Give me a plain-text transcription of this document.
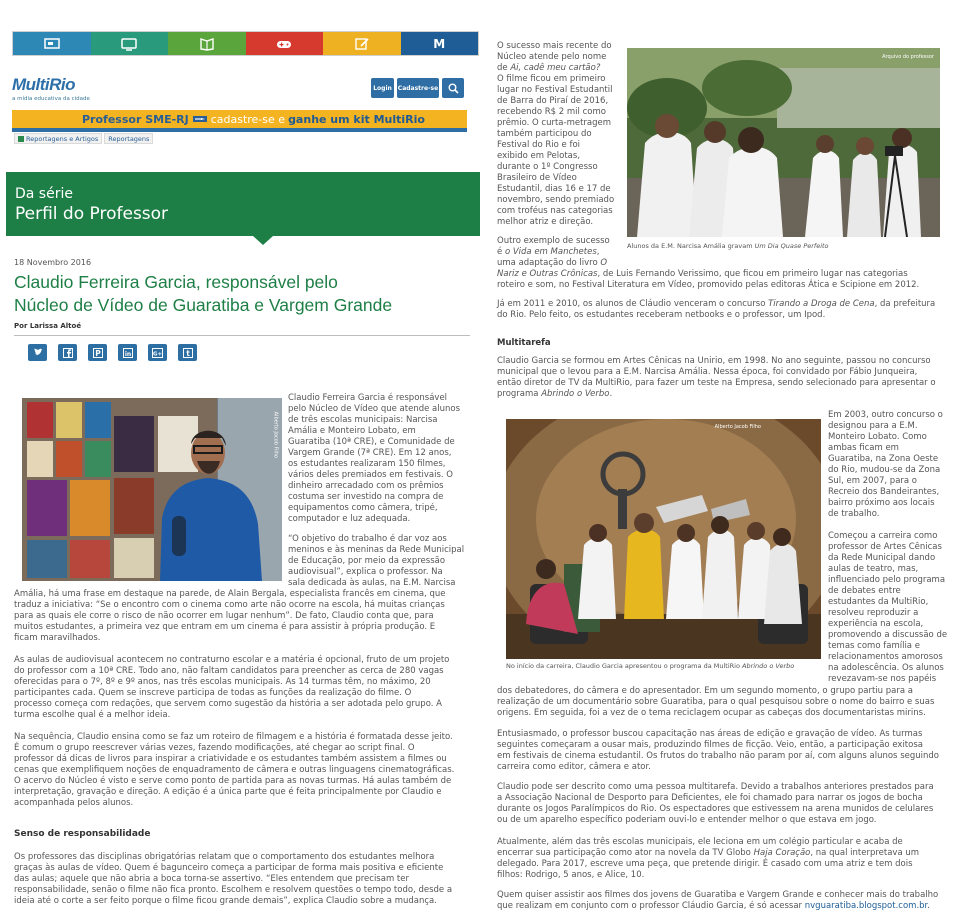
M
MultiRio
a mídia educativa da cidade
Login	Cadastre-se
Professor SME-RJ cadastre-se e ganhe um kit MultiRio
Reportagens e Artigos Reportagens
Da série
Perfil do Professor
18 Novembro 2016
Claudio Ferreira Garcia, responsável pelo
Núcleo de Vídeo de Guaratiba e Vargem Grande
Por Larissa Altoé
P	in	G+	t
Alberto Jacob Filho
Claudio Ferreira Garcia é responsável
pelo Núcleo de Vídeo que atende alunos
de três escolas municipais: Narcisa
Amália e Monteiro Lobato, em
Guaratiba (10ª CRE), e Comunidade de
Vargem Grande (7ª CRE). Em 12 anos,
os estudantes realizaram 150 filmes,
vários deles premiados em festivais. O
dinheiro arrecadado com os prêmios
costuma ser investido na compra de
equipamentos como câmera, tripé,
computador e luz adequada.
“O objetivo do trabalho é dar voz aos
meninos e às meninas da Rede Municipal
de Educação, por meio da expressão
audiovisual”, explica o professor. Na
sala dedicada às aulas, na E.M. Narcisa
Amália, há uma frase em destaque na parede, de Alain Bergala, especialista francês em cinema, que
traduz a iniciativa: “Se o encontro com o cinema como arte não ocorre na escola, há muitas crianças
para as quais ele corre o risco de não ocorrer em lugar nenhum”. De fato, Claudio conta que, para
muitos estudantes, a primeira vez que entram em um cinema é para assistir à própria produção. E
ficam maravilhados.
As aulas de audiovisual acontecem no contraturno escolar e a matéria é opcional, fruto de um projeto
do professor com a 10ª CRE. Todo ano, não faltam candidatos para preencher as cerca de 280 vagas
oferecidas para o 7º, 8º e 9º anos, nas três escolas municipais. As 14 turmas têm, no máximo, 20
participantes cada. Quem se inscreve participa de todas as funções da realização do filme. O
processo começa com redações, que servem como sugestão da história a ser adotada pelo grupo. A
turma escolhe qual é a melhor ideia.
Na sequência, Claudio ensina como se faz um roteiro de filmagem e a história é formatada desse jeito.
É comum o grupo reescrever várias vezes, fazendo modificações, até chegar ao script final. O
professor dá dicas de livros para inspirar a criatividade e os estudantes também assistem a filmes ou
cenas que exemplifiquem noções de enquadramento de câmera e outras linguagens cinematográficas.
O acervo do Núcleo é visto e serve como ponto de partida para as novas turmas. Há aulas também de
interpretação, gravação e direção. A edição é a única parte que é feita principalmente por Claudio e
acompanhada pelos alunos.
Senso de responsabilidade
Os professores das disciplinas obrigatórias relatam que o comportamento dos estudantes melhora
graças às aulas de vídeo. Quem é bagunceiro começa a participar de forma mais positiva e eficiente
das aulas; aquele que não abria a boca torna-se assertivo. “Eles entendem que precisam ter
responsabilidade, senão o filme não fica pronto. Escolhem e resolvem questões o tempo todo, desde a
ideia até o corte a ser feito porque o filme ficou grande demais”, explica Claudio sobre a mudança.
Arquivo do professor
Alunos da E.M. Narcisa Amália gravam Um Dia Quase Perfeito
O sucesso mais recente do
Núcleo atende pelo nome
de Ai, cadê meu cartão?
O filme ficou em primeiro
lugar no Festival Estudantil
de Barra do Piraí de 2016,
recebendo R$ 2 mil como
prêmio. O curta-metragem
também participou do
Festival do Rio e foi
exibido em Pelotas,
durante o 1º Congresso
Brasileiro de Vídeo
Estudantil, dias 16 e 17 de
novembro, sendo premiado
com troféus nas categorias
melhor atriz e direção.
Outro exemplo de sucesso
é o Vida em Manchetes,
uma adaptação do livro O
Nariz e Outras Crônicas, de Luis Fernando Verissimo, que ficou em primeiro lugar nas categorias
roteiro e som, no Festival Literatura em Vídeo, promovido pelas editoras Ática e Scipione em 2012.
Já em 2011 e 2010, os alunos de Cláudio venceram o concurso Tirando a Droga de Cena, da prefeitura
do Rio. Pelo feito, os estudantes receberam netbooks e o professor, um Ipod.
Multitarefa
Claudio Garcia se formou em Artes Cênicas na Unirio, em 1998. No ano seguinte, passou no concurso
municipal que o levou para a E.M. Narcisa Amália. Nessa época, foi convidado por Fábio Junqueira,
então diretor de TV da MultiRio, para fazer um teste na Empresa, sendo selecionado para apresentar o
programa Abrindo o Verbo.
Alberto Jacob Filho
No início da carreira, Claudio Garcia apresentou o programa da MultiRio Abrindo o Verbo
Em 2003, outro concurso o
designou para a E.M.
Monteiro Lobato. Como
ambas ficam em
Guaratiba, na Zona Oeste
do Rio, mudou-se da Zona
Sul, em 2007, para o
Recreio dos Bandeirantes,
bairro próximo aos locais
de trabalho.
Começou a carreira como
professor de Artes Cênicas
da Rede Municipal dando
aulas de teatro, mas,
influenciado pelo programa
de debates entre
estudantes da MultiRio,
resolveu reproduzir a
experiência na escola,
promovendo a discussão de
temas como família e
relacionamentos amorosos
na adolescência. Os alunos
revezavam-se nos papéis
dos debatedores, do câmera e do apresentador. Em um segundo momento, o grupo partiu para a
realização de um documentário sobre Guaratiba, para o qual pesquisou sobre o nome do bairro e suas
origens. Em seguida, foi a vez de o tema reciclagem ocupar as cabeças dos documentaristas mirins.
Entusiasmado, o professor buscou capacitação nas áreas de edição e gravação de vídeo. As turmas
seguintes começaram a ousar mais, produzindo filmes de ficção. Veio, então, a participação exitosa
em festivais de cinema estudantil. Os frutos do trabalho não param por aí, com alguns alunos seguindo
carreira como editor, câmera e ator.
Claudio pode ser descrito como uma pessoa multitarefa. Devido a trabalhos anteriores prestados para
a Associação Nacional de Desporto para Deficientes, ele foi chamado para narrar os jogos de bocha
durante os Jogos Paralímpicos do Rio. Os espectadores que estivessem na arena munidos de celulares
ou de um aparelho específico poderiam ouvi-lo e entender melhor o que estava em jogo.
Atualmente, além das três escolas municipais, ele leciona em um colégio particular e acaba de
encerrar sua participação como ator na novela da TV Globo Haja Coração, na qual interpretava um
delegado. Para 2017, escreve uma peça, que pretende dirigir. É casado com uma atriz e tem dois
filhos: Rodrigo, 5 anos, e Alice, 10.
Quem quiser assistir aos filmes dos jovens de Guaratiba e Vargem Grande e conhecer mais do trabalho
que realizam em conjunto com o professor Cláudio Garcia, é só acessar nvguaratiba.blogspot.com.br.
